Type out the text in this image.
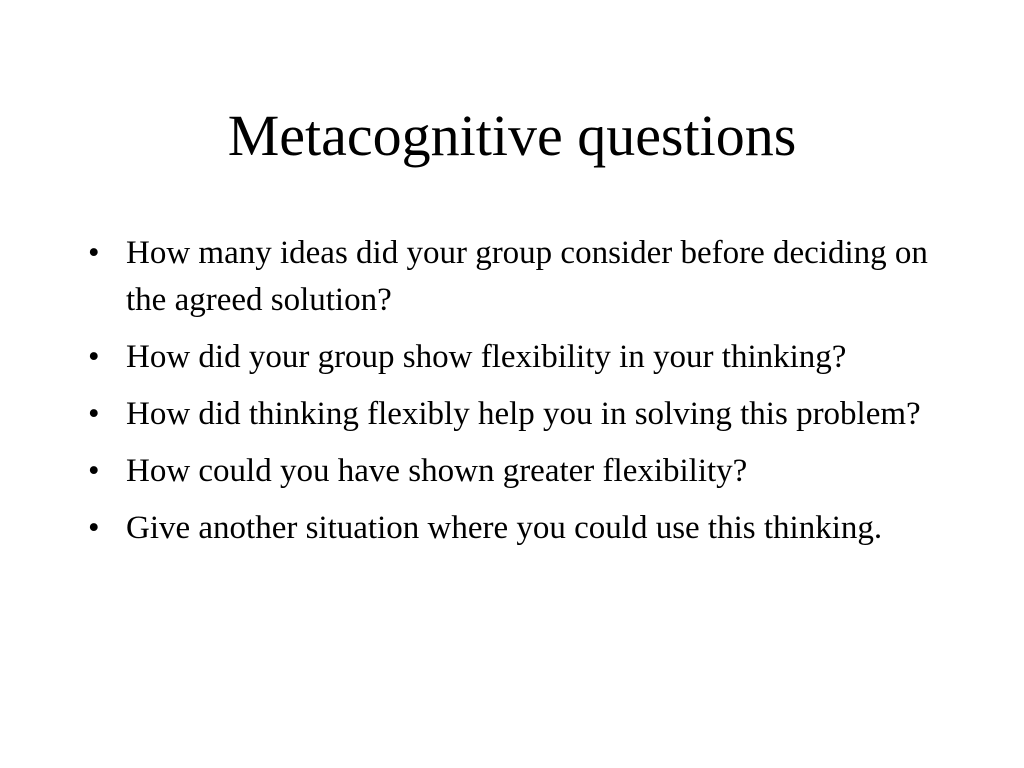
Metacognitive questions
• How many ideas did your group consider before deciding on the agreed solution?
• How did your group show flexibility in your thinking?
• How did thinking flexibly help you in solving this problem?
• How could you have shown greater flexibility?
• Give another situation where you could use this thinking.
